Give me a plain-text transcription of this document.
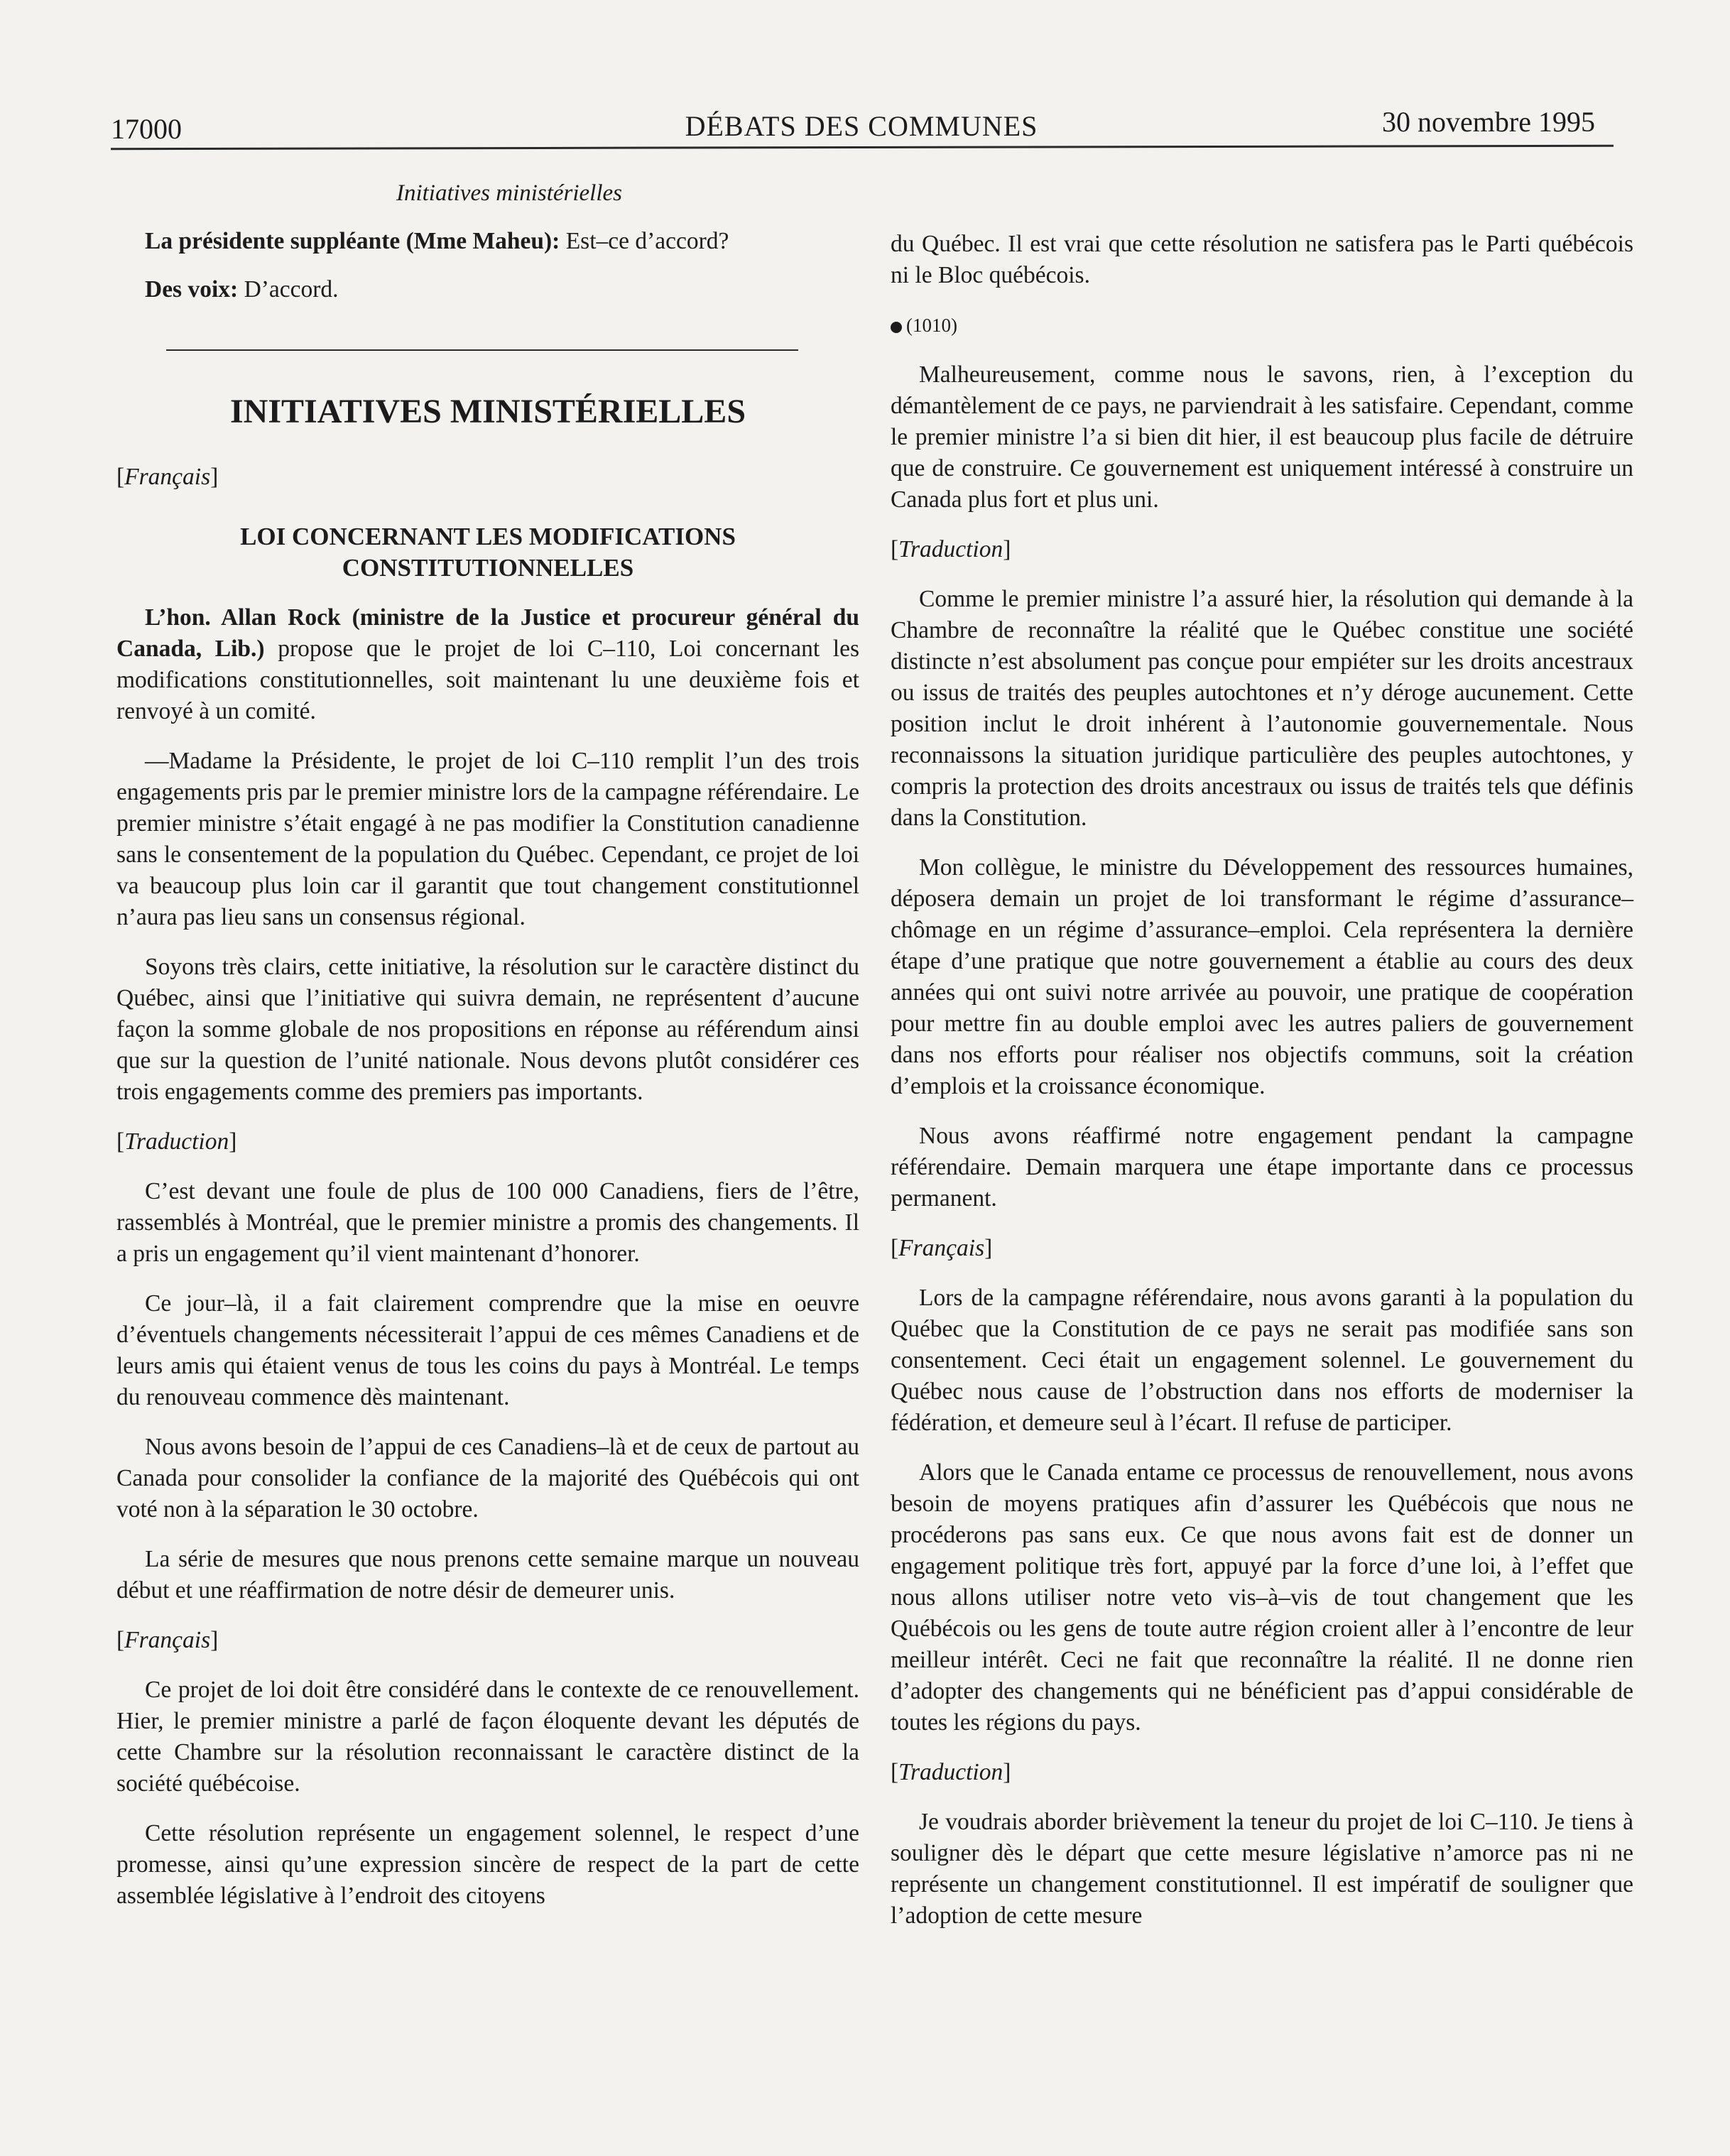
17000	DÉBATS DES COMMUNES	30 novembre 1995

Initiatives ministérielles

La présidente suppléante (Mme Maheu): Est–ce d’accord?

Des voix: D’accord.

INITIATIVES MINISTÉRIELLES

[Français]

LOI CONCERNANT LES MODIFICATIONS CONSTITUTIONNELLES

L’hon. Allan Rock (ministre de la Justice et procureur général du Canada, Lib.) propose que le projet de loi C–110, Loi concernant les modifications constitutionnelles, soit maintenant lu une deuxième fois et renvoyé à un comité.

—Madame la Présidente, le projet de loi C–110 remplit l’un des trois engagements pris par le premier ministre lors de la campagne référendaire. Le premier ministre s’était engagé à ne pas modifier la Constitution canadienne sans le consentement de la population du Québec. Cependant, ce projet de loi va beaucoup plus loin car il garantit que tout changement constitutionnel n’aura pas lieu sans un consensus régional.

Soyons très clairs, cette initiative, la résolution sur le caractère distinct du Québec, ainsi que l’initiative qui suivra demain, ne représentent d’aucune façon la somme globale de nos propositions en réponse au référendum ainsi que sur la question de l’unité nationale. Nous devons plutôt considérer ces trois engagements comme des premiers pas importants.

[Traduction]

C’est devant une foule de plus de 100 000 Canadiens, fiers de l’être, rassemblés à Montréal, que le premier ministre a promis des changements. Il a pris un engagement qu’il vient maintenant d’honorer.

Ce jour–là, il a fait clairement comprendre que la mise en oeuvre d’éventuels changements nécessiterait l’appui de ces mêmes Canadiens et de leurs amis qui étaient venus de tous les coins du pays à Montréal. Le temps du renouveau commence dès maintenant.

Nous avons besoin de l’appui de ces Canadiens–là et de ceux de partout au Canada pour consolider la confiance de la majorité des Québécois qui ont voté non à la séparation le 30 octobre.

La série de mesures que nous prenons cette semaine marque un nouveau début et une réaffirmation de notre désir de demeurer unis.

[Français]

Ce projet de loi doit être considéré dans le contexte de ce renouvellement. Hier, le premier ministre a parlé de façon éloquente devant les députés de cette Chambre sur la résolution reconnaissant le caractère distinct de la société québécoise.

Cette résolution représente un engagement solennel, le respect d’une promesse, ainsi qu’une expression sincère de respect de la part de cette assemblée législative à l’endroit des citoyens

du Québec. Il est vrai que cette résolution ne satisfera pas le Parti québécois ni le Bloc québécois.

(1010)

Malheureusement, comme nous le savons, rien, à l’exception du démantèlement de ce pays, ne parviendrait à les satisfaire. Cependant, comme le premier ministre l’a si bien dit hier, il est beaucoup plus facile de détruire que de construire. Ce gouvernement est uniquement intéressé à construire un Canada plus fort et plus uni.

[Traduction]

Comme le premier ministre l’a assuré hier, la résolution qui demande à la Chambre de reconnaître la réalité que le Québec constitue une société distincte n’est absolument pas conçue pour empiéter sur les droits ancestraux ou issus de traités des peuples autochtones et n’y déroge aucunement. Cette position inclut le droit inhérent à l’autonomie gouvernementale. Nous reconnaissons la situation juridique particulière des peuples autochtones, y compris la protection des droits ancestraux ou issus de traités tels que définis dans la Constitution.

Mon collègue, le ministre du Développement des ressources humaines, déposera demain un projet de loi transformant le régime d’assurance–chômage en un régime d’assurance–emploi. Cela représentera la dernière étape d’une pratique que notre gouvernement a établie au cours des deux années qui ont suivi notre arrivée au pouvoir, une pratique de coopération pour mettre fin au double emploi avec les autres paliers de gouvernement dans nos efforts pour réaliser nos objectifs communs, soit la création d’emplois et la croissance économique.

Nous avons réaffirmé notre engagement pendant la campagne référendaire. Demain marquera une étape importante dans ce processus permanent.

[Français]

Lors de la campagne référendaire, nous avons garanti à la population du Québec que la Constitution de ce pays ne serait pas modifiée sans son consentement. Ceci était un engagement solennel. Le gouvernement du Québec nous cause de l’obstruction dans nos efforts de moderniser la fédération, et demeure seul à l’écart. Il refuse de participer.

Alors que le Canada entame ce processus de renouvellement, nous avons besoin de moyens pratiques afin d’assurer les Québécois que nous ne procéderons pas sans eux. Ce que nous avons fait est de donner un engagement politique très fort, appuyé par la force d’une loi, à l’effet que nous allons utiliser notre veto vis–à–vis de tout changement que les Québécois ou les gens de toute autre région croient aller à l’encontre de leur meilleur intérêt. Ceci ne fait que reconnaître la réalité. Il ne donne rien d’adopter des changements qui ne bénéficient pas d’appui considérable de toutes les régions du pays.

[Traduction]

Je voudrais aborder brièvement la teneur du projet de loi C–110. Je tiens à souligner dès le départ que cette mesure législative n’amorce pas ni ne représente un changement constitutionnel. Il est impératif de souligner que l’adoption de cette mesure
